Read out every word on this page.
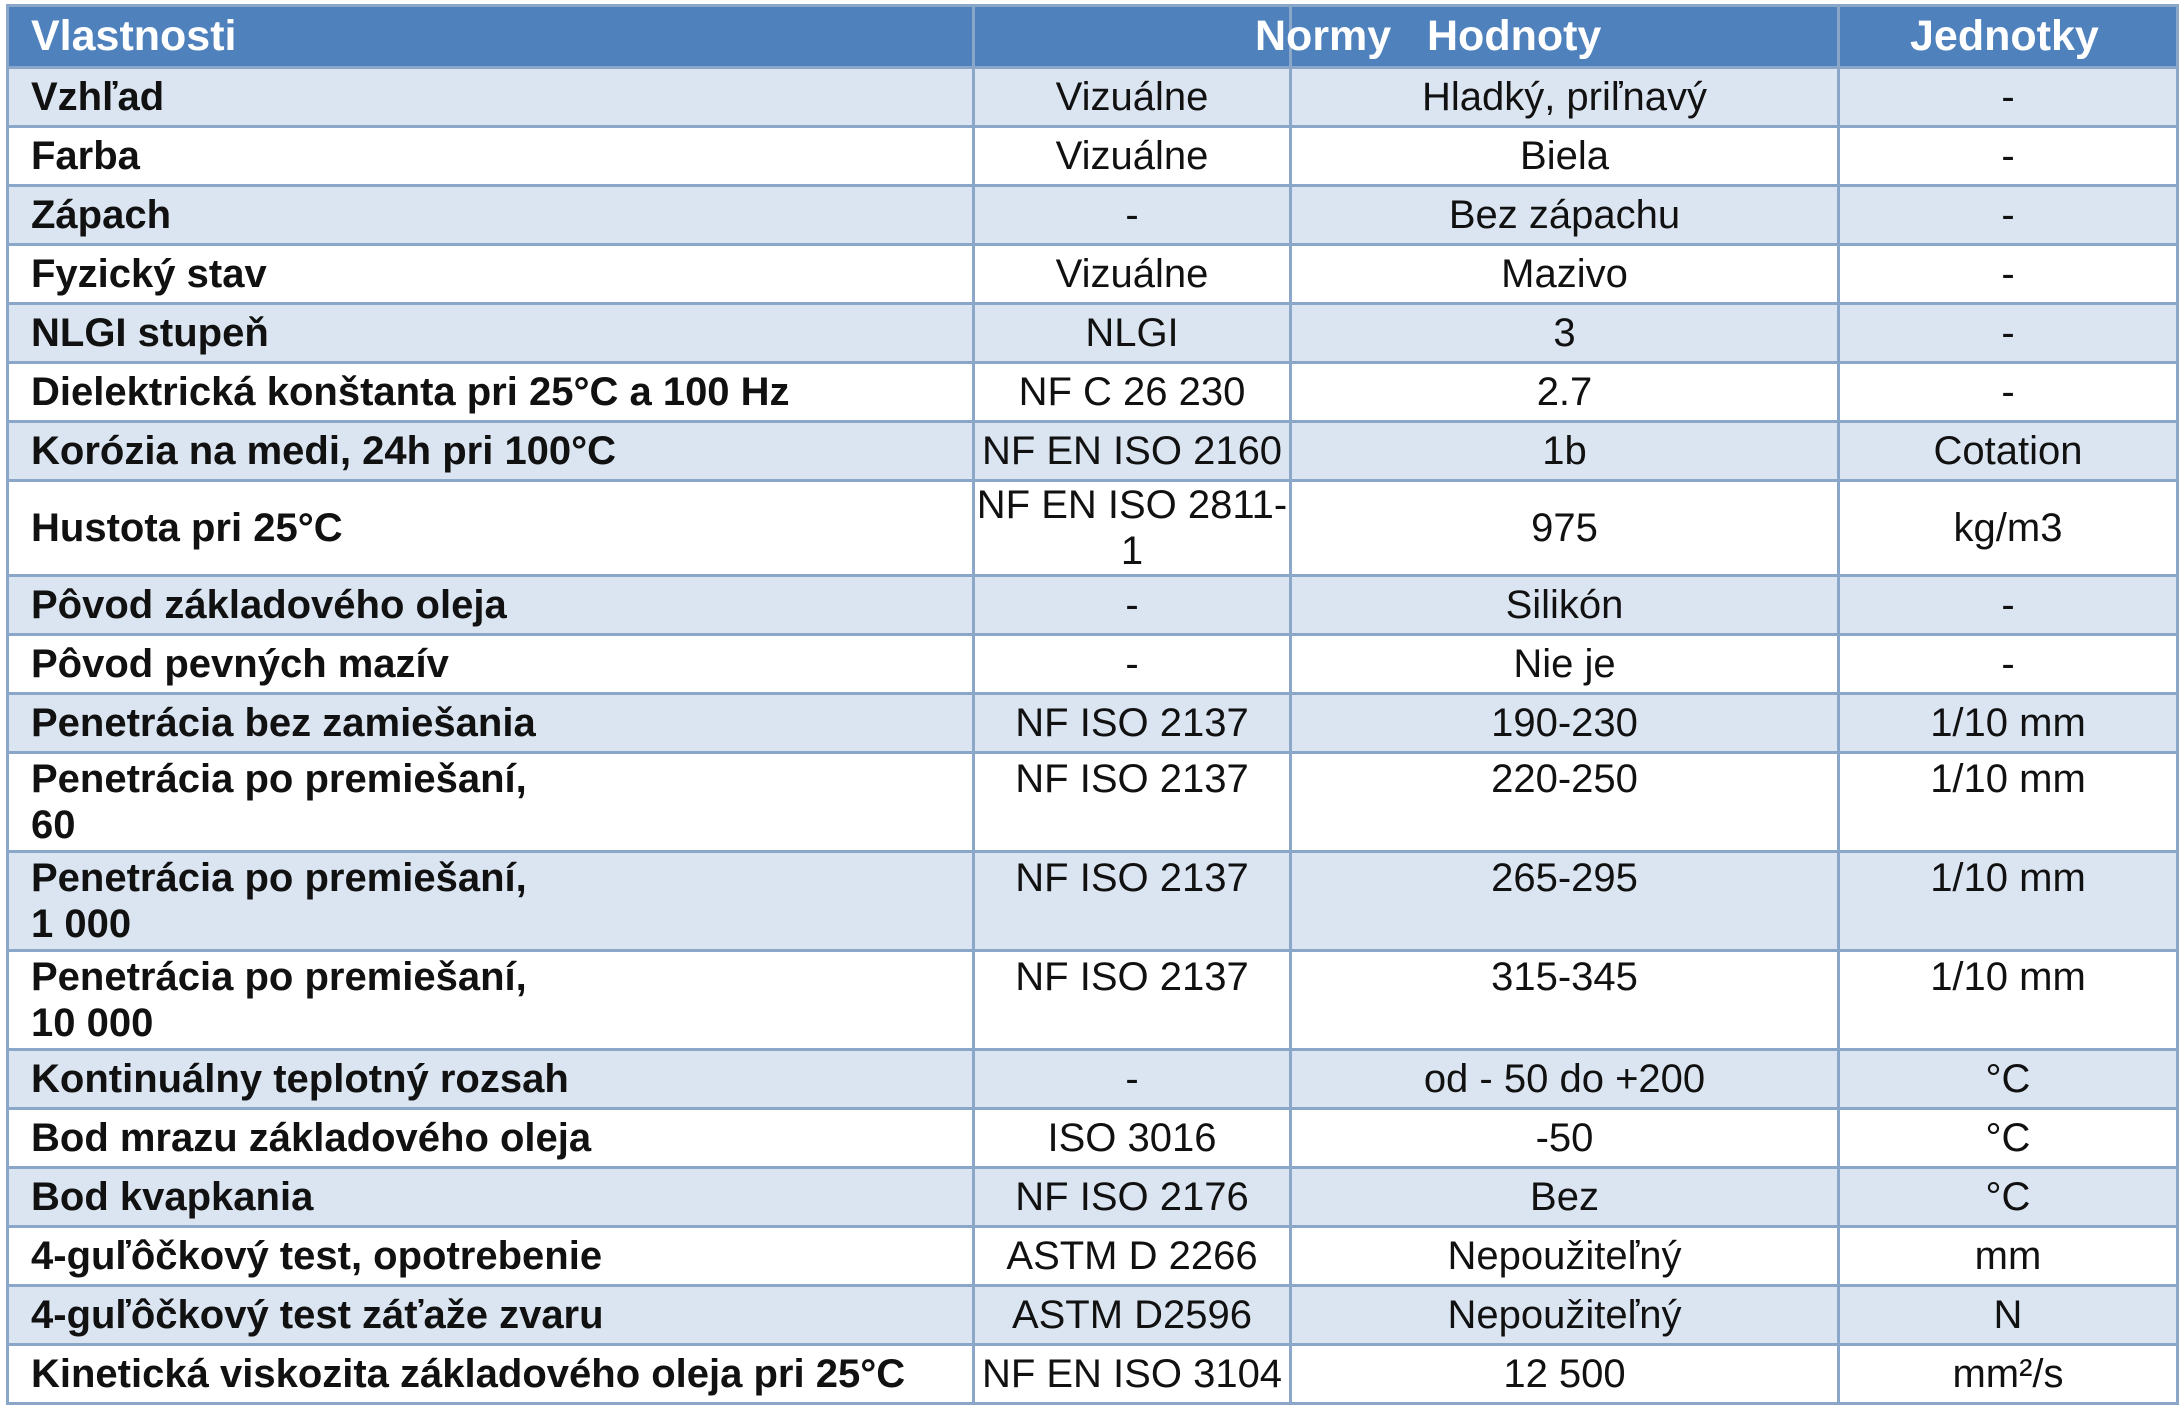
Vlastnosti	Normy	Hodnoty	Jednotky

Vzhľad	Vizuálne	Hladký, priľnavý	-

Farba	Vizuálne	Biela	-

Zápach	-	Bez zápachu	-

Fyzický stav	Vizuálne	Mazivo	-

NLGI stupeň	NLGI	3	-

Dielektrická konštanta pri 25°C a 100 Hz	NF C 26 230	2.7	-

Korózia na medi, 24h pri 100°C	NF EN ISO 2160	1b	Cotation

Hustota pri 25°C	NF EN ISO 2811-1	975	kg/m3

Pôvod základového oleja	-	Silikón	-

Pôvod pevných mazív	-	Nie je	-

Penetrácia bez zamiešania	NF ISO 2137	190-230	1/10 mm

Penetrácia po premiešaní,
60	NF ISO 2137	220-250	1/10 mm

Penetrácia po premiešaní,
1 000	NF ISO 2137	265-295	1/10 mm

Penetrácia po premiešaní,
10 000	NF ISO 2137	315-345	1/10 mm

Kontinuálny teplotný rozsah	-	od - 50 do +200	°C

Bod mrazu základového oleja	ISO 3016	-50	°C

Bod kvapkania	NF ISO 2176	Bez	°C

4-guľôčkový test, opotrebenie	ASTM D 2266	Nepoužiteľný	mm

4-guľôčkový test záťaže zvaru	ASTM D2596	Nepoužiteľný	N

Kinetická viskozita základového oleja pri 25°C	NF EN ISO 3104	12 500	mm²/s
